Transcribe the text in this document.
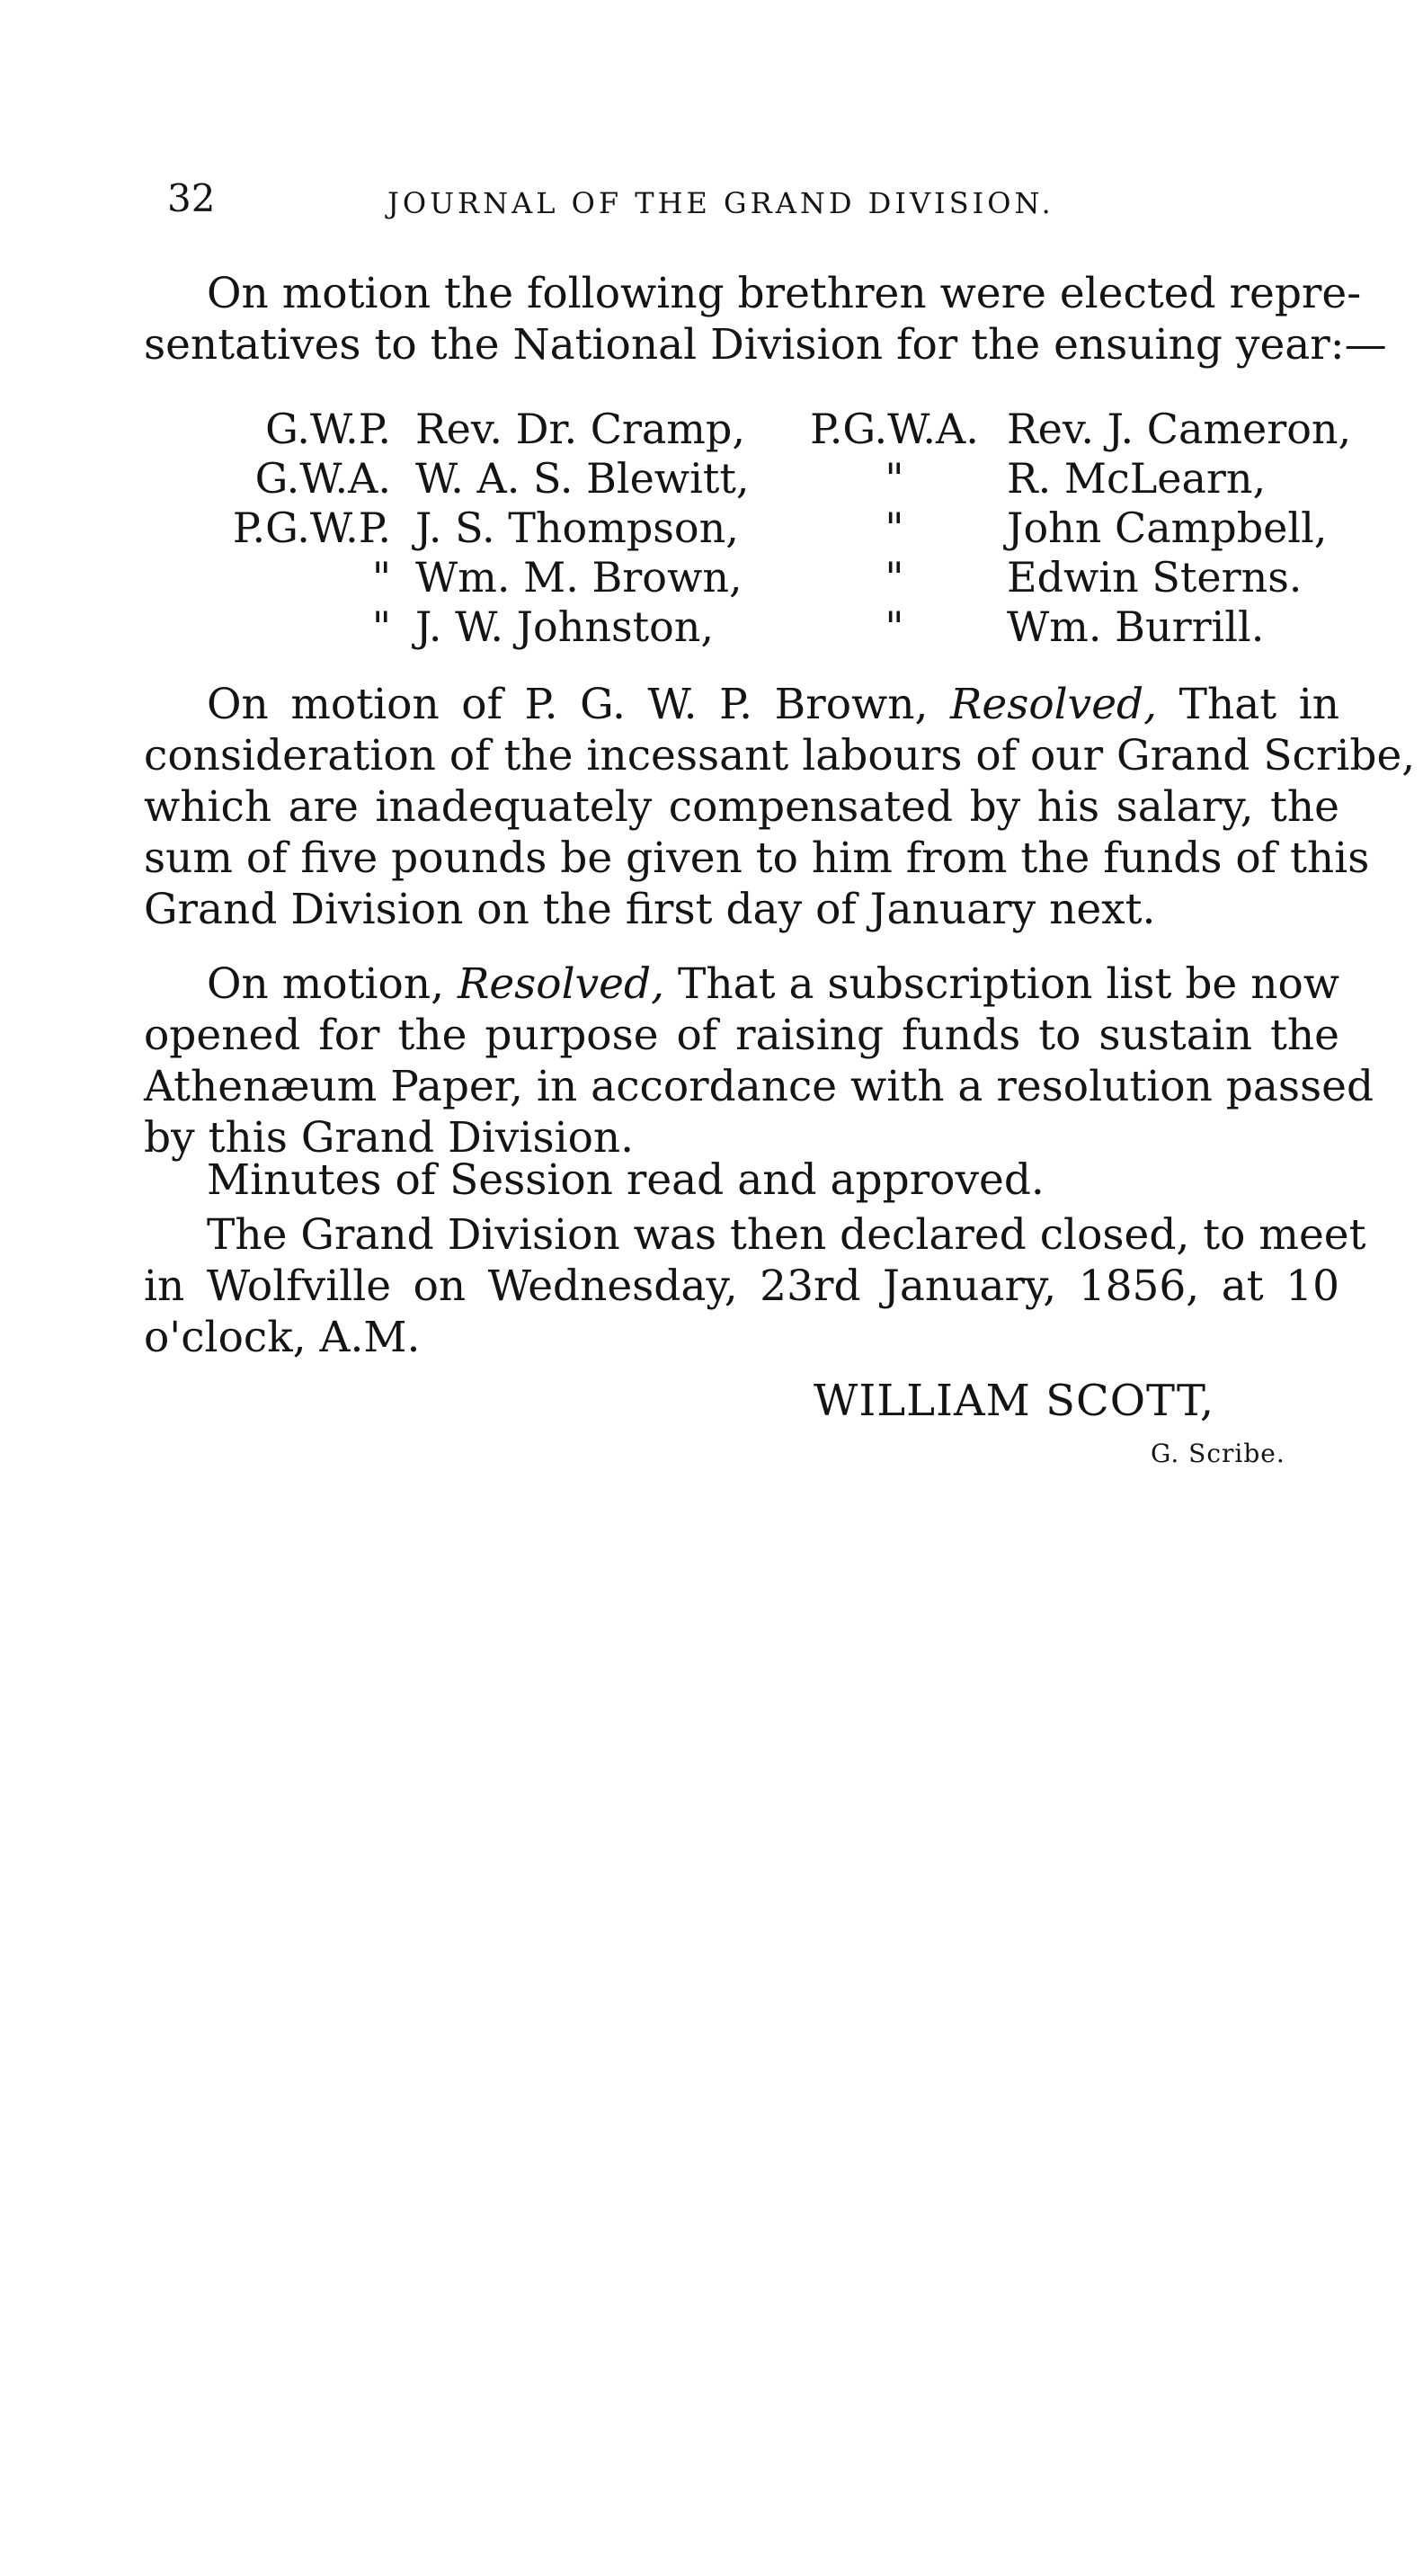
32	JOURNAL OF THE GRAND DIVISION.

On motion the following brethren were elected repre-
sentatives to the National Division for the ensuing year:—

G.W.P. Rev. Dr. Cramp,	P.G.W.A. Rev. J. Cameron,
G.W.A. W. A. S. Blewitt,	"	R. McLearn,
P.G.W.P. J. S. Thompson,	"	John Campbell,
" Wm. M. Brown,	"	Edwin Sterns.
" J. W. Johnston,	"	Wm. Burrill.

On motion of P. G. W. P. Brown, Resolved, That in
consideration of the incessant labours of our Grand Scribe,
which are inadequately compensated by his salary, the
sum of five pounds be given to him from the funds of this
Grand Division on the first day of January next.

On motion, Resolved, That a subscription list be now
opened for the purpose of raising funds to sustain the
Athenæum Paper, in accordance with a resolution passed
by this Grand Division.

Minutes of Session read and approved.

The Grand Division was then declared closed, to meet
in Wolfville on Wednesday, 23rd January, 1856, at 10
o'clock, A.M.

WILLIAM SCOTT,
G. Scribe.
